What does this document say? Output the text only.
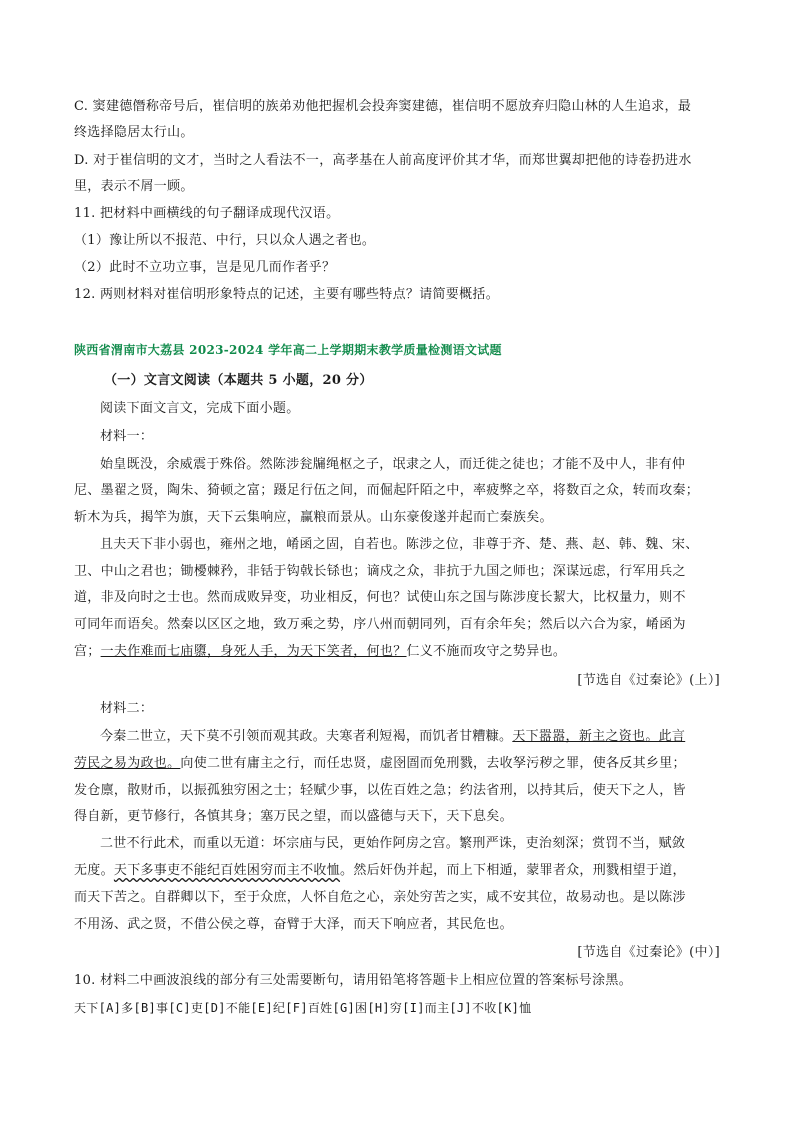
C. 窦建德僭称帝号后，崔信明的族弟劝他把握机会投奔窦建德，崔信明不愿放弃归隐山林的人生追求，最
终选择隐居太行山。
D. 对于崔信明的文才，当时之人看法不一，高孝基在人前高度评价其才华，而郑世翼却把他的诗卷扔进水
里，表示不屑一顾。
11. 把材料中画横线的句子翻译成现代汉语。
（1）豫让所以不报范、中行，只以众人遇之者也。
（2）此时不立功立事，岂是见几而作者乎？
12. 两则材料对崔信明形象特点的记述，主要有哪些特点？请简要概括。
陕西省渭南市大荔县 2023-2024 学年高二上学期期末教学质量检测语文试题
（一）文言文阅读（本题共 5 小题，20 分）
阅读下面文言文，完成下面小题。
材料一：
始皇既没，余威震于殊俗。然陈涉瓮牖绳枢之子，氓隶之人，而迁徙之徒也；才能不及中人，非有仲
尼、墨翟之贤，陶朱、猗顿之富；蹑足行伍之间，而倔起阡陌之中，率疲弊之卒，将数百之众，转而攻秦；
斩木为兵，揭竿为旗，天下云集响应，赢粮而景从。山东豪俊遂并起而亡秦族矣。
且夫天下非小弱也，雍州之地，崤函之固，自若也。陈涉之位，非尊于齐、楚、燕、赵、韩、魏、宋、
卫、中山之君也；锄櫌棘矜，非铦于钩戟长铩也；谪戍之众，非抗于九国之师也；深谋远虑，行军用兵之
道，非及向时之士也。然而成败异变，功业相反，何也？试使山东之国与陈涉度长絜大，比权量力，则不
可同年而语矣。然秦以区区之地，致万乘之势，序八州而朝同列，百有余年矣；然后以六合为家，崤函为
宫；一夫作难而七庙隳，身死人手，为天下笑者，何也？仁义不施而攻守之势异也。
[节选自《过秦论》(上）]
材料二：
今秦二世立，天下莫不引领而观其政。夫寒者利短褐，而饥者甘糟糠。天下嚣嚣，新主之资也。此言
劳民之易为政也。向使二世有庸主之行，而任忠贤，虚囹圄而免刑戮，去收孥污秽之罪，使各反其乡里；
发仓廪，散财币，以振孤独穷困之士；轻赋少事，以佐百姓之急；约法省刑，以持其后，使天下之人，皆
得自新，更节修行，各慎其身；塞万民之望，而以盛德与天下，天下息矣。
二世不行此术，而重以无道：坏宗庙与民，更始作阿房之宫。繁刑严诛，吏治刻深；赏罚不当，赋敛
无度。天下多事吏不能纪百姓困穷而主不收恤。然后奸伪并起，而上下相遁，蒙罪者众，刑戮相望于道，
而天下苦之。自群卿以下，至于众庶，人怀自危之心，亲处穷苦之实，咸不安其位，故易动也。是以陈涉
不用汤、武之贤，不借公侯之尊，奋臂于大泽，而天下响应者，其民危也。
[节选自《过秦论》(中）]
10. 材料二中画波浪线的部分有三处需要断句，请用铅笔将答题卡上相应位置的答案标号涂黑。
天下[A]多[B]事[C]吏[D]不能[E]纪[F]百姓[G]困[H]穷[I]而主[J]不收[K]恤
